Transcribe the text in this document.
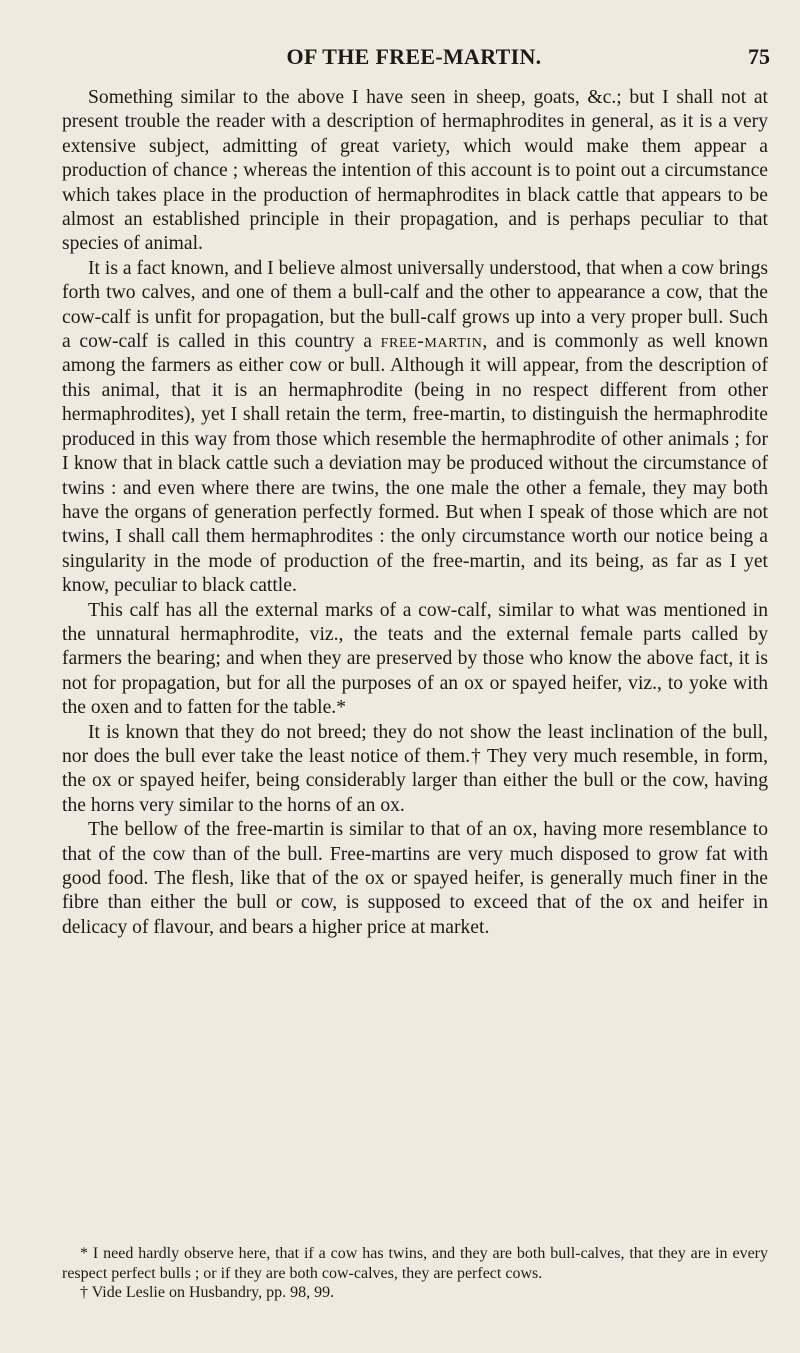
OF THE FREE-MARTIN.	75

Something similar to the above I have seen in sheep, goats, &c.; but I shall not at present trouble the reader with a description of hermaphrodites in general, as it is a very extensive subject, admitting of great variety, which would make them appear a production of chance ; whereas the intention of this account is to point out a circumstance which takes place in the production of hermaphrodites in black cattle that appears to be almost an established principle in their propagation, and is perhaps peculiar to that species of animal.

It is a fact known, and I believe almost universally understood, that when a cow brings forth two calves, and one of them a bull-calf and the other to appearance a cow, that the cow-calf is unfit for propagation, but the bull-calf grows up into a very proper bull. Such a cow-calf is called in this country a free-martin, and is commonly as well known among the farmers as either cow or bull. Although it will appear, from the description of this animal, that it is an hermaphrodite (being in no respect different from other hermaphrodites), yet I shall retain the term, free-martin, to distinguish the hermaphrodite produced in this way from those which resemble the hermaphrodite of other animals ; for I know that in black cattle such a deviation may be produced without the circumstance of twins : and even where there are twins, the one male the other a female, they may both have the organs of generation perfectly formed. But when I speak of those which are not twins, I shall call them hermaphrodites : the only circumstance worth our notice being a singularity in the mode of production of the free-martin, and its being, as far as I yet know, peculiar to black cattle.

This calf has all the external marks of a cow-calf, similar to what was mentioned in the unnatural hermaphrodite, viz., the teats and the external female parts called by farmers the bearing; and when they are preserved by those who know the above fact, it is not for propagation, but for all the purposes of an ox or spayed heifer, viz., to yoke with the oxen and to fatten for the table.*

It is known that they do not breed; they do not show the least inclination of the bull, nor does the bull ever take the least notice of them.† They very much resemble, in form, the ox or spayed heifer, being considerably larger than either the bull or the cow, having the horns very similar to the horns of an ox.

The bellow of the free-martin is similar to that of an ox, having more resemblance to that of the cow than of the bull. Free-martins are very much disposed to grow fat with good food. The flesh, like that of the ox or spayed heifer, is generally much finer in the fibre than either the bull or cow, is supposed to exceed that of the ox and heifer in delicacy of flavour, and bears a higher price at market.

* I need hardly observe here, that if a cow has twins, and they are both bull-calves, that they are in every respect perfect bulls ; or if they are both cow-calves, they are perfect cows.

† Vide Leslie on Husbandry, pp. 98, 99.
